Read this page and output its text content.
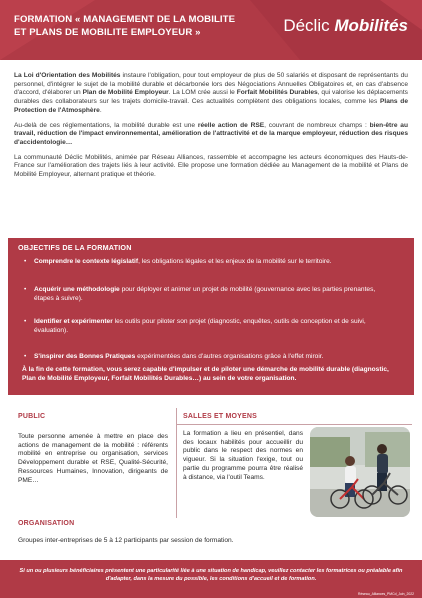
FORMATION « MANAGEMENT DE LA MOBILITE
ET PLANS DE MOBILITE EMPLOYEUR »	Déclic Mobilités

La Loi d'Orientation des Mobilités instaure l'obligation, pour tout employeur de plus de 50 salariés et disposant de représentants du personnel, d'intégrer le sujet de la mobilité durable et décarbonée lors des Négociations Annuelles Obligatoires et, en cas d'absence d'accord, d'élaborer un Plan de Mobilité Employeur. La LOM crée aussi le Forfait Mobilités Durables, qui valorise les déplacements durables des collaborateurs sur les trajets domicile-travail. Ces actualités complètent des obligations locales, comme les Plans de Protection de l'Atmosphère.

Au-delà de ces réglementations, la mobilité durable est une réelle action de RSE, couvrant de nombreux champs : bien-être au travail, réduction de l'impact environnemental, amélioration de l'attractivité et de la marque employeur, réduction des risques d'accidentologie…

La communauté Déclic Mobilités, animée par Réseau Alliances, rassemble et accompagne les acteurs économiques des Hauts-de-France sur l'amélioration des trajets liés à leur activité. Elle propose une formation dédiée au Management de la mobilité et Plans de Mobilité Employeur, alternant pratique et théorie.

OBJECTIFS DE LA FORMATION
• Comprendre le contexte législatif, les obligations légales et les enjeux de la mobilité sur le territoire.
• Acquérir une méthodologie pour déployer et animer un projet de mobilité (gouvernance avec les parties prenantes, étapes à suivre).
• Identifier et expérimenter les outils pour piloter son projet (diagnostic, enquêtes, outils de conception et de suivi, évaluation).
• S'inspirer des Bonnes Pratiques expérimentées dans d'autres organisations grâce à l'effet miroir.
À la fin de cette formation, vous serez capable d'impulser et de piloter une démarche de mobilité durable (diagnostic, Plan de Mobilité Employeur, Forfait Mobilités Durables…) au sein de votre organisation.
PUBLIC
Toute personne amenée à mettre en place des actions de management de la mobilité : référents mobilité en entreprise ou organisation, services Développement durable et RSE, Qualité-Sécurité, Ressources Humaines, Innovation, dirigeants de PME…
SALLES ET MOYENS
La formation a lieu en présentiel, dans des locaux habilités pour accueillir du public dans le respect des normes en vigueur. Si la situation l'exige, tout ou partie du programme pourra être réalisé à distance, via l'outil Teams.
ORGANISATION
Groupes inter-entreprises de 5 à 12 participants par session de formation.
Si un ou plusieurs bénéficiaires présentent une particularité liée à une situation de handicap, veuillez contacter les formatrices ou préalable afin d'adapter, dans la mesure du possible, les conditions d'accueil et de formation.
Réseau_Alliances_PMCd_Juin_2022
